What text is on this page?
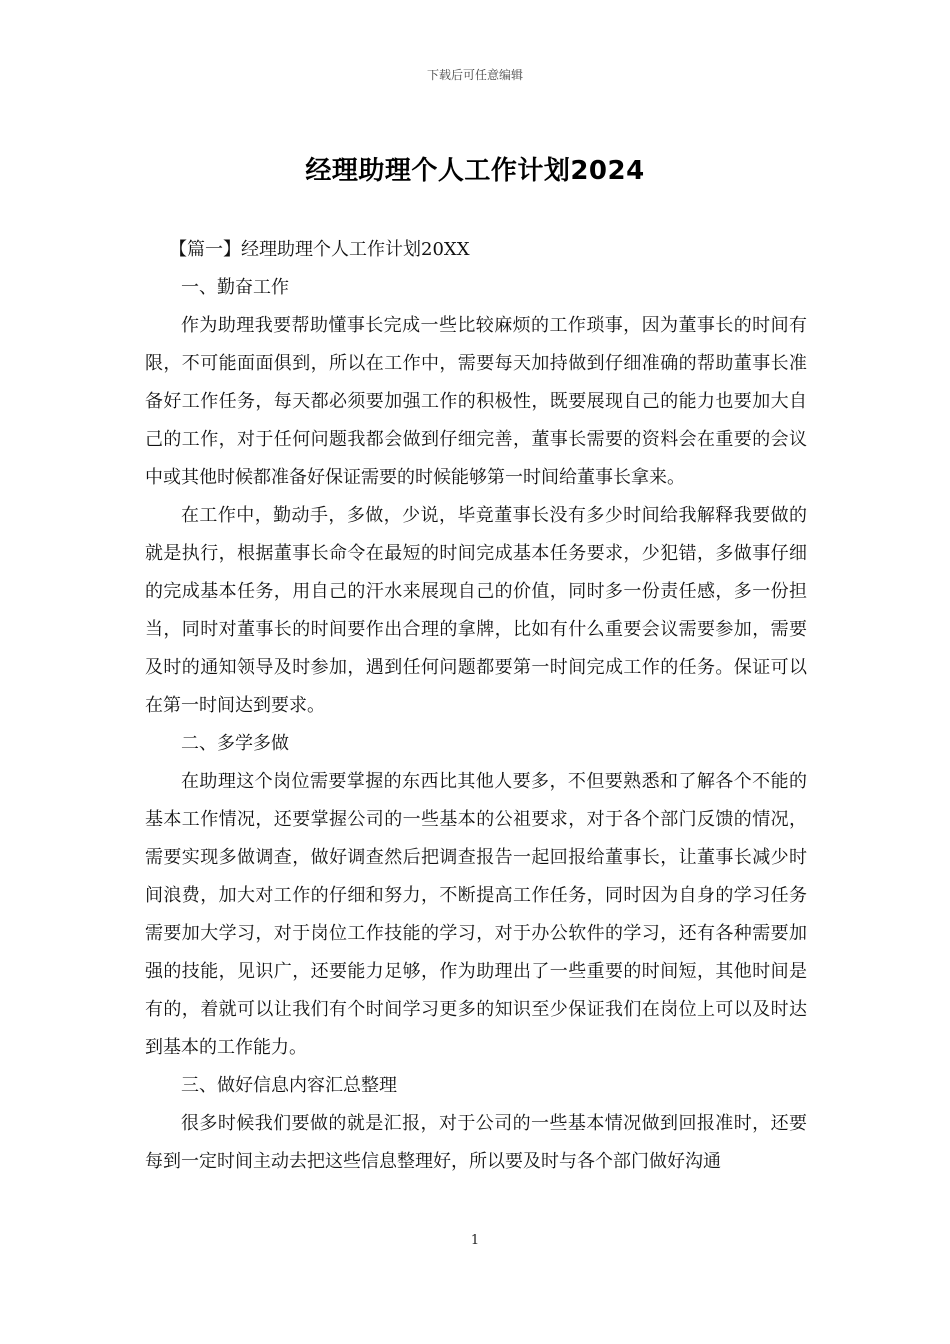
下载后可任意编辑
经理助理个人工作计划2024

【篇一】经理助理个人工作计划20XX

一、勤奋工作

作为助理我要帮助懂事长完成一些比较麻烦的工作琐事，因为董事长的时间有限，不可能面面俱到，所以在工作中，需要每天加持做到仔细准确的帮助董事长准备好工作任务，每天都必须要加强工作的积极性，既要展现自己的能力也要加大自己的工作，对于任何问题我都会做到仔细完善，董事长需要的资料会在重要的会议中或其他时候都准备好保证需要的时候能够第一时间给董事长拿来。

在工作中，勤动手，多做，少说，毕竟董事长没有多少时间给我解释我要做的就是执行，根据董事长命令在最短的时间完成基本任务要求，少犯错，多做事仔细的完成基本任务，用自己的汗水来展现自己的价值，同时多一份责任感，多一份担当，同时对董事长的时间要作出合理的拿牌，比如有什么重要会议需要参加，需要及时的通知领导及时参加，遇到任何问题都要第一时间完成工作的任务。保证可以在第一时间达到要求。

二、多学多做

在助理这个岗位需要掌握的东西比其他人要多，不但要熟悉和了解各个不能的基本工作情况，还要掌握公司的一些基本的公祖要求，对于各个部门反馈的情况，需要实现多做调查，做好调查然后把调查报告一起回报给董事长，让董事长减少时间浪费，加大对工作的仔细和努力，不断提高工作任务，同时因为自身的学习任务需要加大学习，对于岗位工作技能的学习，对于办公软件的学习，还有各种需要加强的技能，见识广，还要能力足够，作为助理出了一些重要的时间短，其他时间是有的，着就可以让我们有个时间学习更多的知识至少保证我们在岗位上可以及时达到基本的工作能力。

三、做好信息内容汇总整理

很多时候我们要做的就是汇报，对于公司的一些基本情况做到回报准时，还要每到一定时间主动去把这些信息整理好，所以要及时与各个部门做好沟通

1
